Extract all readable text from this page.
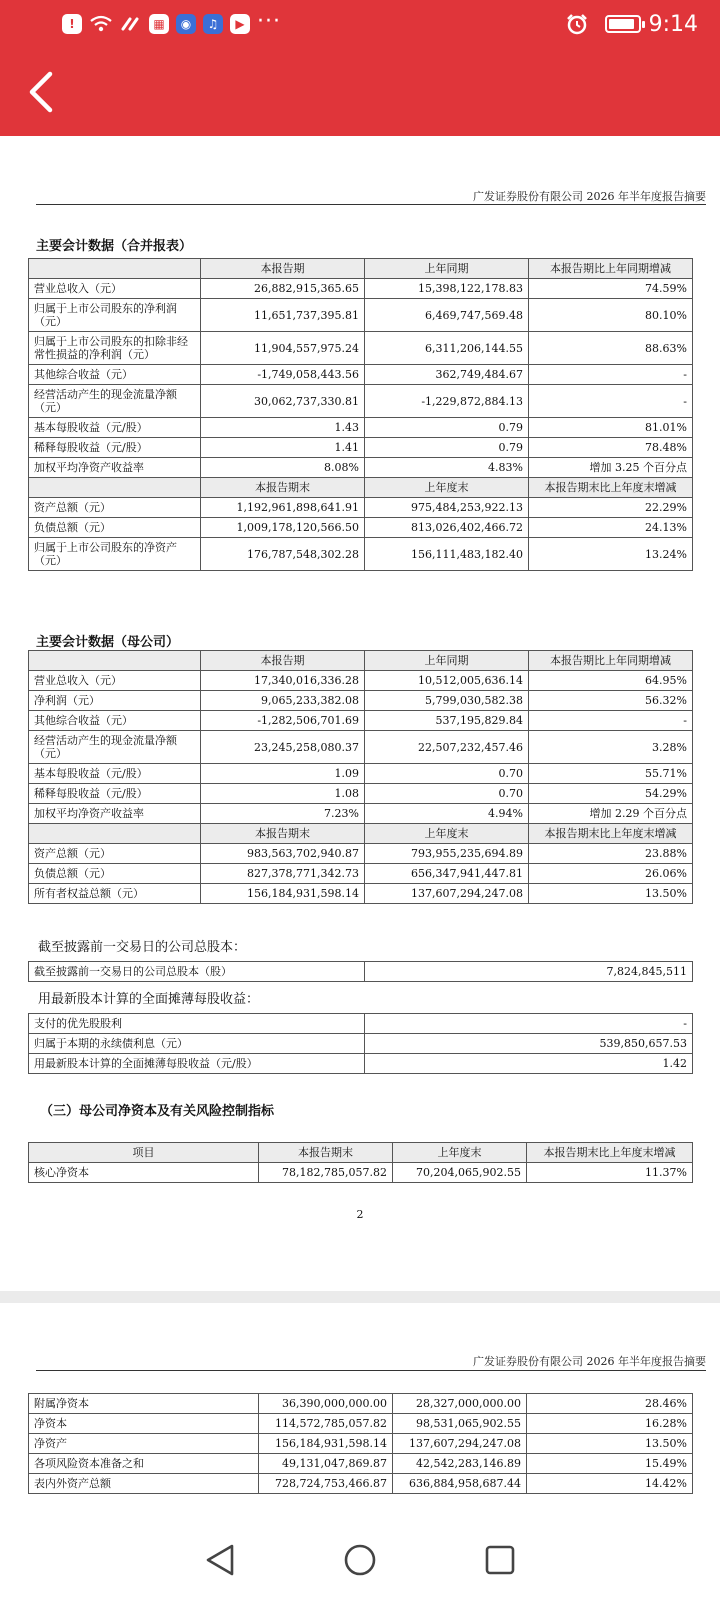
!	▦	◉	♫	▶ ···	9:14
广发证券股份有限公司 2026 年半年度报告摘要
主要会计数据（合并报表）
	本报告期	上年同期	本报告期比上年同期增减
营业总收入（元）	26,882,915,365.65	15,398,122,178.83	74.59%
归属于上市公司股东的净利润（元）	11,651,737,395.81	6,469,747,569.48	80.10%
归属于上市公司股东的扣除非经常性损益的净利润（元）	11,904,557,975.24	6,311,206,144.55	88.63%
其他综合收益（元）	-1,749,058,443.56	362,749,484.67	-
经营活动产生的现金流量净额（元）	30,062,737,330.81	-1,229,872,884.13	-
基本每股收益（元/股）	1.43	0.79	81.01%
稀释每股收益（元/股）	1.41	0.79	78.48%
加权平均净资产收益率	8.08%	4.83%	增加 3.25 个百分点
	本报告期末	上年度末	本报告期末比上年度末增减
资产总额（元）	1,192,961,898,641.91	975,484,253,922.13	22.29%
负债总额（元）	1,009,178,120,566.50	813,026,402,466.72	24.13%
归属于上市公司股东的净资产（元）	176,787,548,302.28	156,111,483,182.40	13.24%
主要会计数据（母公司）
	本报告期	上年同期	本报告期比上年同期增减
营业总收入（元）	17,340,016,336.28	10,512,005,636.14	64.95%
净利润（元）	9,065,233,382.08	5,799,030,582.38	56.32%
其他综合收益（元）	-1,282,506,701.69	537,195,829.84	-
经营活动产生的现金流量净额（元）	23,245,258,080.37	22,507,232,457.46	3.28%
基本每股收益（元/股）	1.09	0.70	55.71%
稀释每股收益（元/股）	1.08	0.70	54.29%
加权平均净资产收益率	7.23%	4.94%	增加 2.29 个百分点
	本报告期末	上年度末	本报告期末比上年度末增减
资产总额（元）	983,563,702,940.87	793,955,235,694.89	23.88%
负债总额（元）	827,378,771,342.73	656,347,941,447.81	26.06%
所有者权益总额（元）	156,184,931,598.14	137,607,294,247.08	13.50%
截至披露前一交易日的公司总股本：
截至披露前一交易日的公司总股本（股）	7,824,845,511
用最新股本计算的全面摊薄每股收益：
支付的优先股股利	-
归属于本期的永续债利息（元）	539,850,657.53
用最新股本计算的全面摊薄每股收益（元/股）	1.42
（三）母公司净资本及有关风险控制指标
项目	本报告期末	上年度末	本报告期末比上年度末增减
核心净资本	78,182,785,057.82	70,204,065,902.55	11.37%
2
广发证券股份有限公司 2026 年半年度报告摘要
附属净资本	36,390,000,000.00	28,327,000,000.00	28.46%
净资本	114,572,785,057.82	98,531,065,902.55	16.28%
净资产	156,184,931,598.14	137,607,294,247.08	13.50%
各项风险资本准备之和	49,131,047,869.87	42,542,283,146.89	15.49%
表内外资产总额	728,724,753,466.87	636,884,958,687.44	14.42%
